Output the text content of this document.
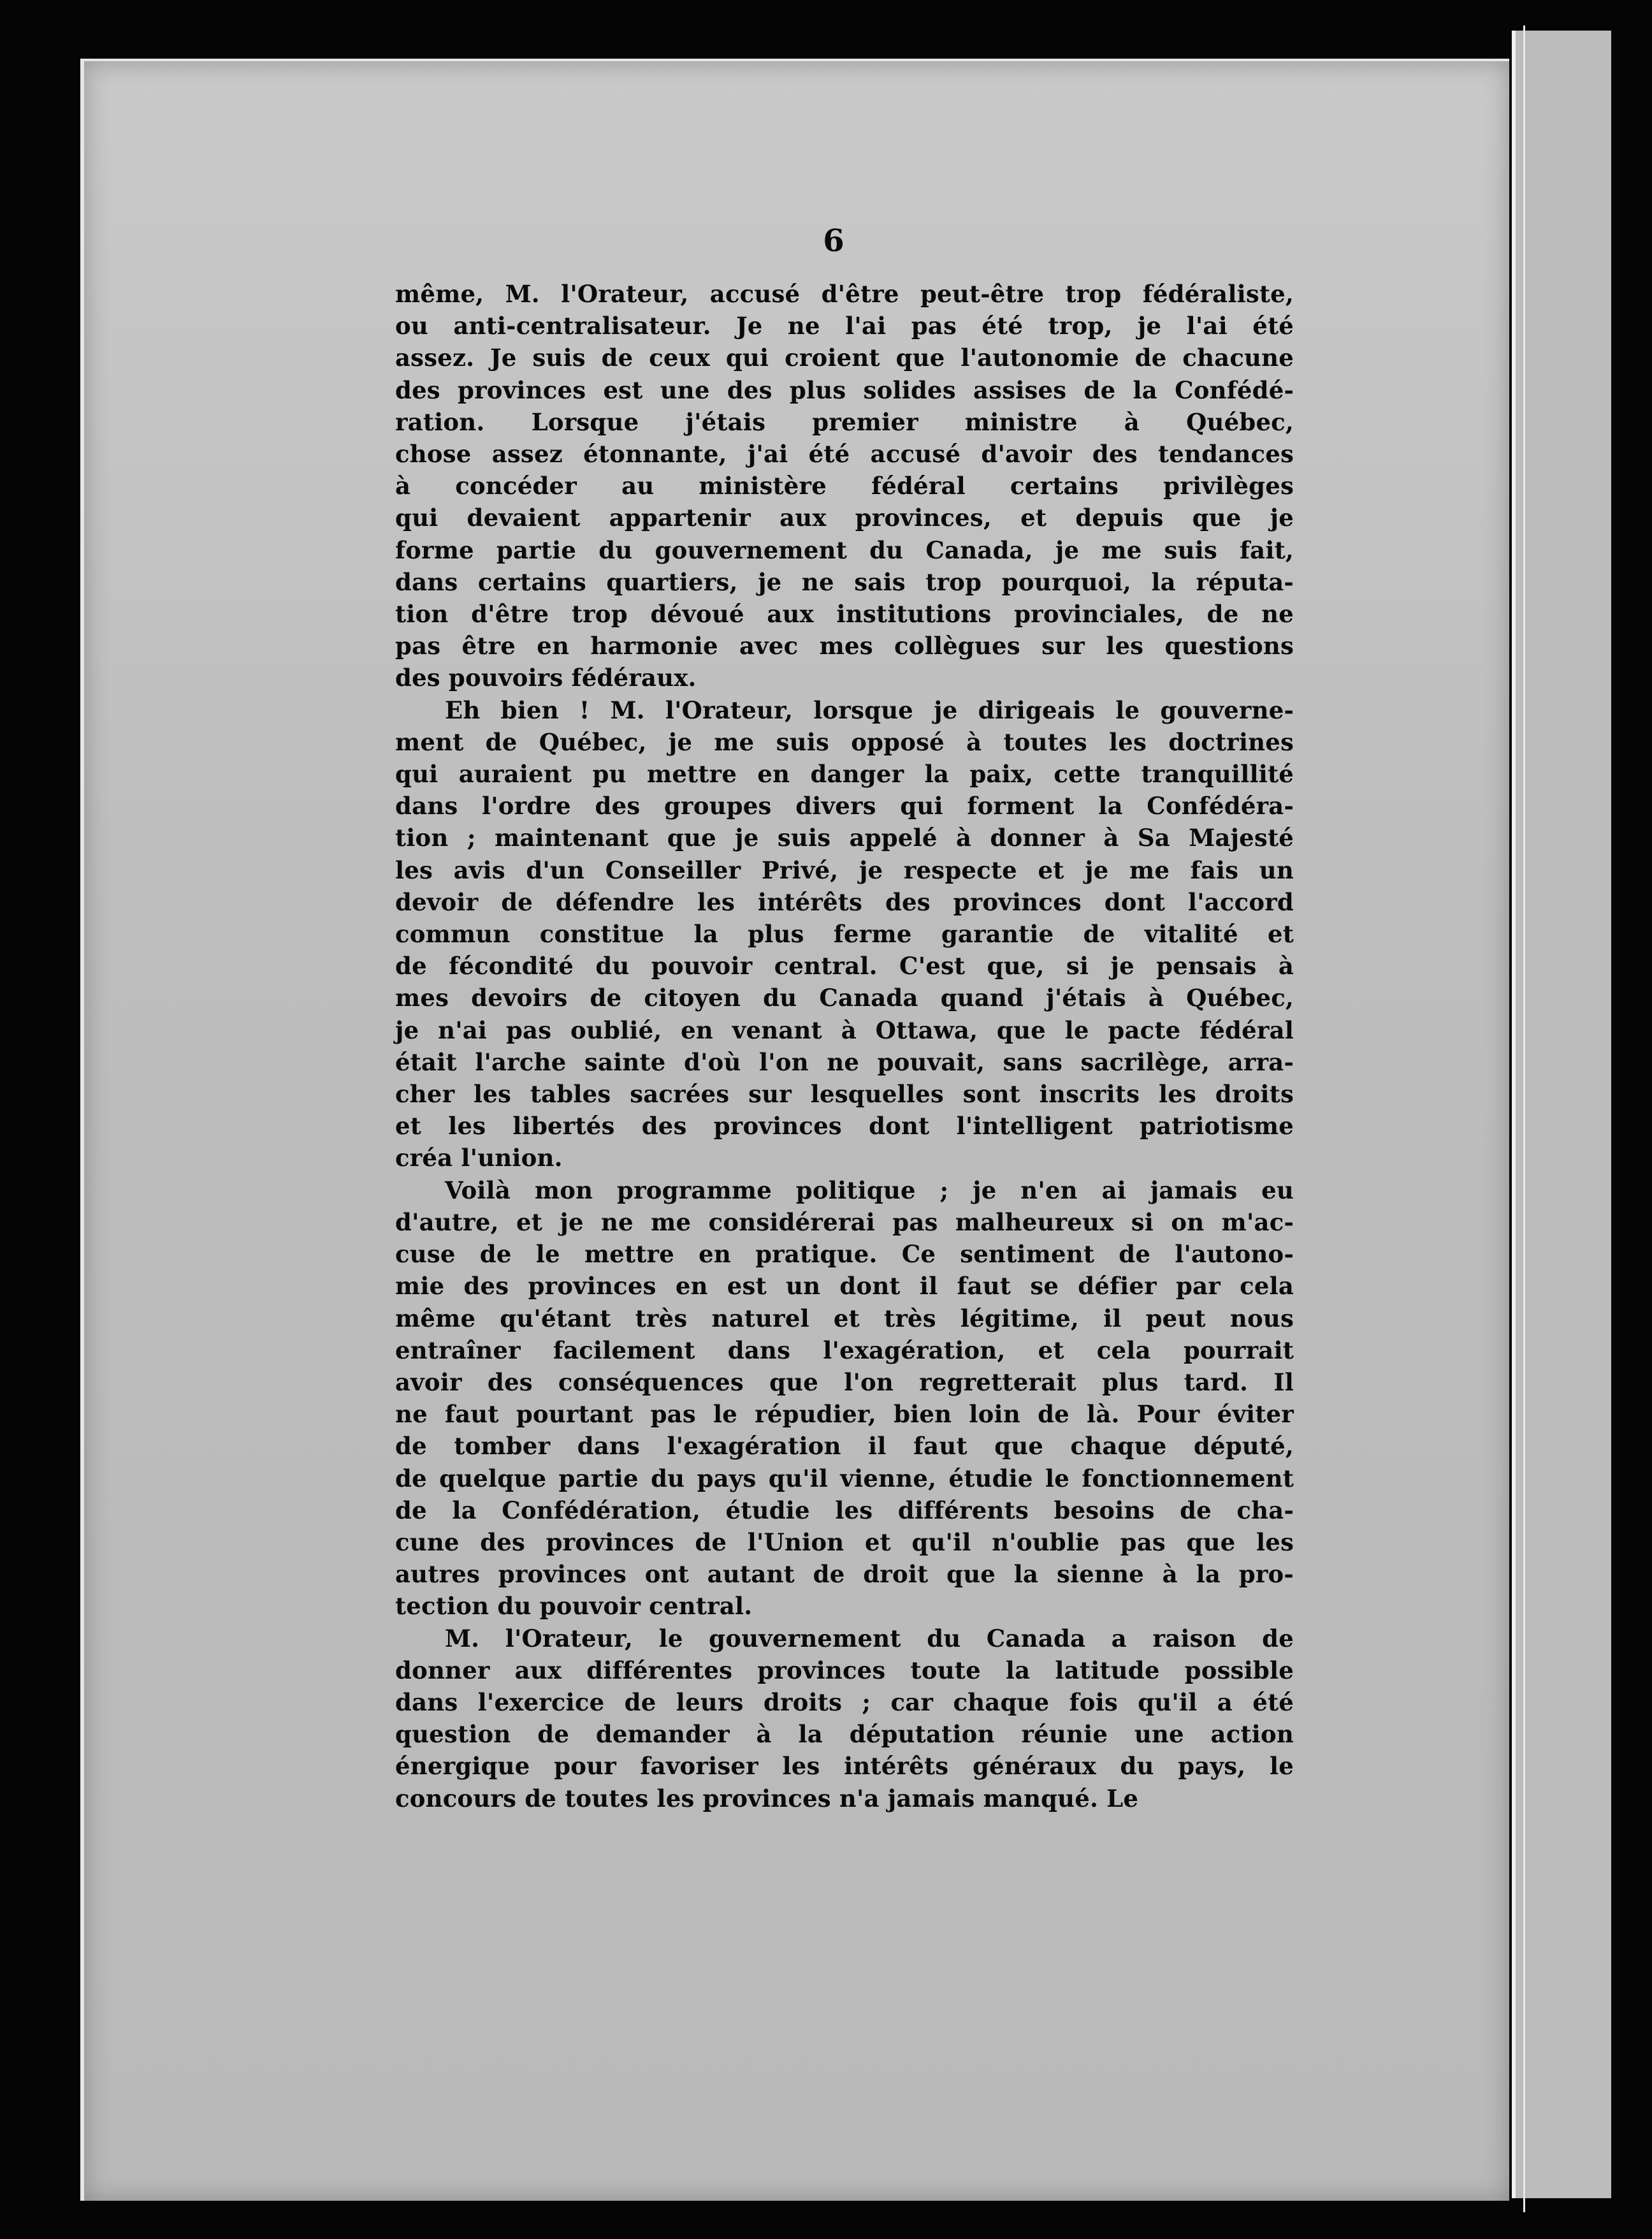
6
même, M. l'Orateur, accusé d'être peut-être trop fédéraliste,
ou anti-centralisateur. Je ne l'ai pas été trop, je l'ai été
assez. Je suis de ceux qui croient que l'autonomie de chacune
des provinces est une des plus solides assises de la Confédé-
ration. Lorsque j'étais premier ministre à Québec,
chose assez étonnante, j'ai été accusé d'avoir des tendances
à concéder au ministère fédéral certains privilèges
qui devaient appartenir aux provinces, et depuis que je
forme partie du gouvernement du Canada, je me suis fait,
dans certains quartiers, je ne sais trop pourquoi, la réputa-
tion d'être trop dévoué aux institutions provinciales, de ne
pas être en harmonie avec mes collègues sur les questions
des pouvoirs fédéraux.
Eh bien ! M. l'Orateur, lorsque je dirigeais le gouverne-
ment de Québec, je me suis opposé à toutes les doctrines
qui auraient pu mettre en danger la paix, cette tranquillité
dans l'ordre des groupes divers qui forment la Confédéra-
tion ; maintenant que je suis appelé à donner à Sa Majesté
les avis d'un Conseiller Privé, je respecte et je me fais un
devoir de défendre les intérêts des provinces dont l'accord
commun constitue la plus ferme garantie de vitalité et
de fécondité du pouvoir central. C'est que, si je pensais à
mes devoirs de citoyen du Canada quand j'étais à Québec,
je n'ai pas oublié, en venant à Ottawa, que le pacte fédéral
était l'arche sainte d'où l'on ne pouvait, sans sacrilège, arra-
cher les tables sacrées sur lesquelles sont inscrits les droits
et les libertés des provinces dont l'intelligent patriotisme
créa l'union.
Voilà mon programme politique ; je n'en ai jamais eu
d'autre, et je ne me considérerai pas malheureux si on m'ac-
cuse de le mettre en pratique. Ce sentiment de l'autono-
mie des provinces en est un dont il faut se défier par cela
même qu'étant très naturel et très légitime, il peut nous
entraîner facilement dans l'exagération, et cela pourrait
avoir des conséquences que l'on regretterait plus tard. Il
ne faut pourtant pas le répudier, bien loin de là. Pour éviter
de tomber dans l'exagération il faut que chaque député,
de quelque partie du pays qu'il vienne, étudie le fonctionnement
de la Confédération, étudie les différents besoins de cha-
cune des provinces de l'Union et qu'il n'oublie pas que les
autres provinces ont autant de droit que la sienne à la pro-
tection du pouvoir central.
M. l'Orateur, le gouvernement du Canada a raison de
donner aux différentes provinces toute la latitude possible
dans l'exercice de leurs droits ; car chaque fois qu'il a été
question de demander à la députation réunie une action
énergique pour favoriser les intérêts généraux du pays, le
concours de toutes les provinces n'a jamais manqué. Le
